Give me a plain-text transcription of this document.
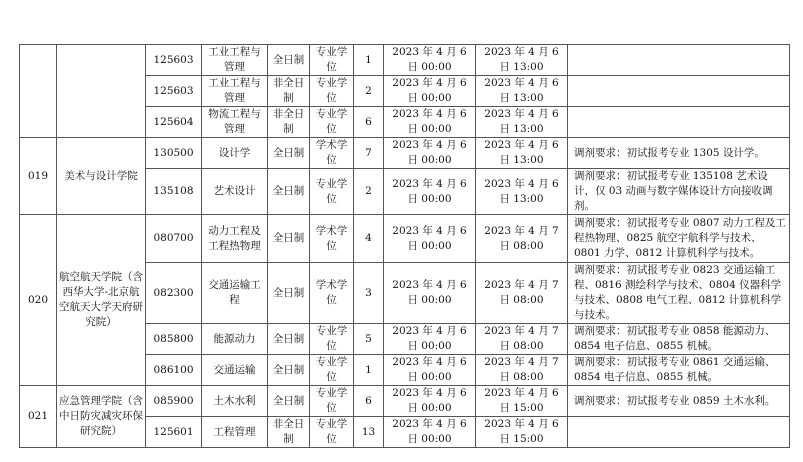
		125603	工业工程与管理	全日制	专业学位	1	2023 年 4 月 6 日 00:00	2023 年 4 月 6 日 13:00	
		125603	工业工程与管理	非全日制	专业学位	2	2023 年 4 月 6 日 00:00	2023 年 4 月 6 日 13:00	
		125604	物流工程与管理	非全日制	专业学位	6	2023 年 4 月 6 日 00:00	2023 年 4 月 6 日 13:00	
019	美术与设计学院	130500	设计学	全日制	学术学位	7	2023 年 4 月 6 日 00:00	2023 年 4 月 6 日 13:00	调剂要求：初试报考专业 1305 设计学。
		135108	艺术设计	全日制	专业学位	2	2023 年 4 月 6 日 00:00	2023 年 4 月 6 日 13:00	调剂要求：初试报考专业 135108 艺术设计，仅 03 动画与数字媒体设计方向接收调剂。
020	航空航天学院（含西华大学-北京航空航天大学天府研究院）	080700	动力工程及工程热物理	全日制	学术学位	4	2023 年 4 月 6 日 00:00	2023 年 4 月 7 日 08:00	调剂要求：初试报考专业 0807 动力工程及工程热物理、0825 航空宇航科学与技术、0801 力学、0812 计算机科学与技术。
		082300	交通运输工程	全日制	学术学位	3	2023 年 4 月 6 日 00:00	2023 年 4 月 7 日 08:00	调剂要求：初试报考专业 0823 交通运输工程、0816 测绘科学与技术、0804 仪器科学与技术、0808 电气工程、0812 计算机科学与技术。
		085800	能源动力	全日制	专业学位	5	2023 年 4 月 6 日 00:00	2023 年 4 月 7 日 08:00	调剂要求：初试报考专业 0858 能源动力、0854 电子信息、0855 机械。
		086100	交通运输	全日制	专业学位	1	2023 年 4 月 6 日 00:00	2023 年 4 月 7 日 08:00	调剂要求：初试报考专业 0861 交通运输、0854 电子信息、0855 机械。
021	应急管理学院（含中日防灾减灾环保研究院）	085900	土木水利	全日制	专业学位	6	2023 年 4 月 6 日 00:00	2023 年 4 月 6 日 15:00	调剂要求：初试报考专业 0859 土木水利。
		125601	工程管理	非全日制	专业学位	13	2023 年 4 月 6 日 00:00	2023 年 4 月 6 日 15:00	
